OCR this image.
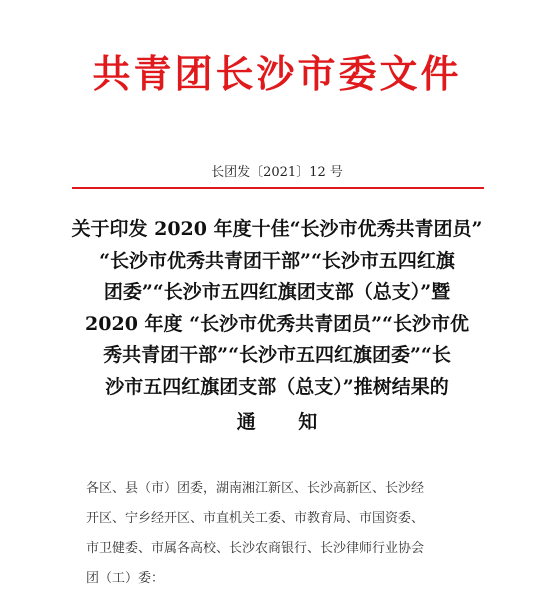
共青团长沙市委文件
长团发〔2021〕12 号
关于印发 2020 年度十佳“长沙市优秀共青团员”
“长沙市优秀共青团干部”“长沙市五四红旗
团委”“长沙市五四红旗团支部（总支）”暨
2020 年度 “长沙市优秀共青团员”“长沙市优
秀共青团干部”“长沙市五四红旗团委”“长
沙市五四红旗团支部（总支）”推树结果的
通 知
各区、县（市）团委，湖南湘江新区、长沙高新区、长沙经
开区、宁乡经开区、市直机关工委、市教育局、市国资委、
市卫健委、市属各高校、长沙农商银行、长沙律师行业协会
团（工）委：
